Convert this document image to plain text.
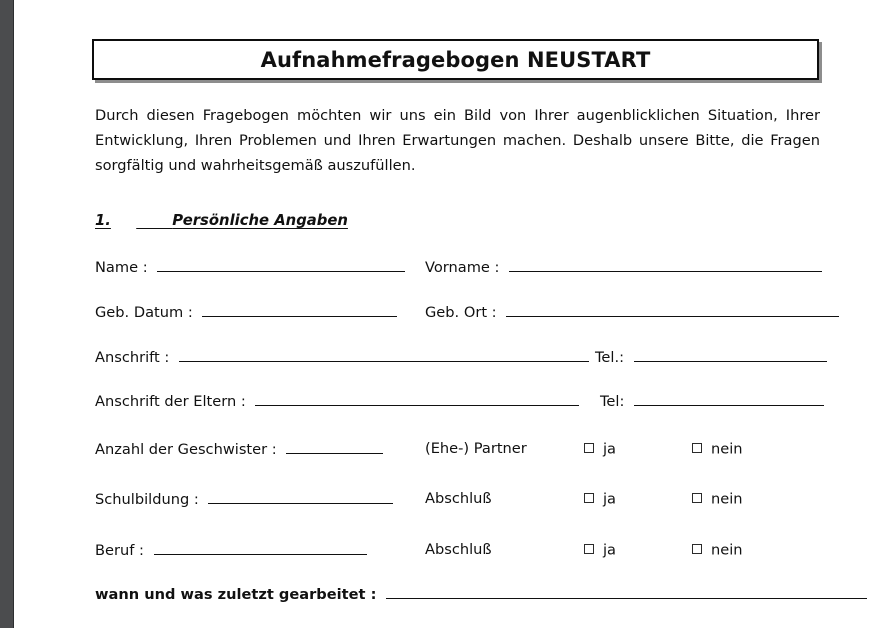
Aufnahmefragebogen NEUSTART
Durch diesen Fragebogen möchten wir uns ein Bild von Ihrer augenblicklichen Situation, Ihrer Entwicklung, Ihren Problemen und Ihren Erwartungen machen. Deshalb unsere Bitte, die Fragen sorgfältig und wahrheitsgemäß auszufüllen.
1.		Persönliche Angaben
Name :	Vorname :
Geb. Datum :	Geb. Ort :
Anschrift :	Tel.:
Anschrift der Eltern :	Tel:
Anzahl der Geschwister :	(Ehe-) Partner	ja	nein
Schulbildung :	Abschluß	ja	nein
Beruf :	Abschluß	ja	nein
wann und was zuletzt gearbeitet :
